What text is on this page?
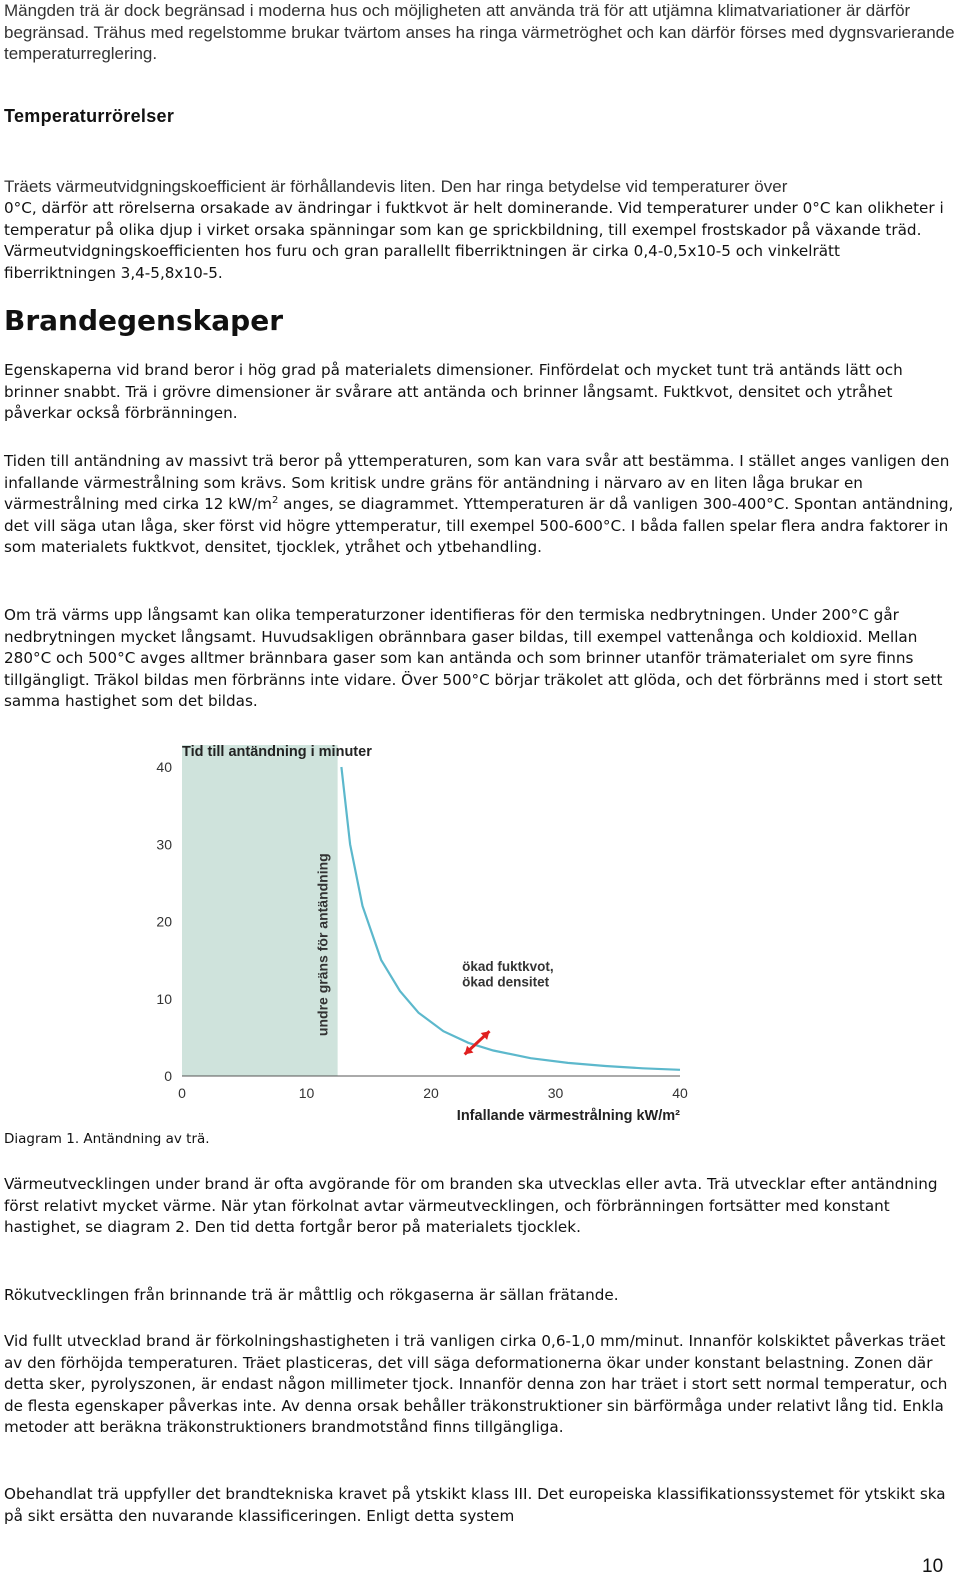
Mängden trä är dock begränsad i moderna hus och möjligheten att använda trä för att utjämna klimatvariationer är därför begränsad. Trähus med regelstomme brukar tvärtom anses ha ringa värmetröghet och kan därför förses med dygnsvarierande temperaturreglering.

Temperaturrörelser

Träets värmeutvidgningskoefficient är förhållandevis liten. Den har ringa betydelse vid temperaturer över

0°C, därför att rörelserna orsakade av ändringar i fuktkvot är helt dominerande. Vid temperaturer under 0°C kan olikheter i temperatur på olika djup i virket orsaka spänningar som kan ge sprickbildning, till exempel frostskador på växande träd. Värmeutvidgningskoefficienten hos furu och gran parallellt fiberriktningen är cirka 0,4-0,5x10-5 och vinkelrätt fiberriktningen 3,4-5,8x10-5.

Brandegenskaper

Egenskaperna vid brand beror i hög grad på materialets dimensioner. Finfördelat och mycket tunt trä antänds lätt och brinner snabbt. Trä i grövre dimensioner är svårare att antända och brinner långsamt. Fuktkvot, densitet och ytråhet påverkar också förbränningen.

Tiden till antändning av massivt trä beror på yttemperaturen, som kan vara svår att bestämma. I stället anges vanligen den infallande värmestrålning som krävs. Som kritisk undre gräns för antändning i närvaro av en liten låga brukar en värmestrålning med cirka 12 $kW/m^2$ anges, se diagrammet. Yttemperaturen är då vanligen 300-400°C. Spontan antändning, det vill säga utan låga, sker först vid högre yttemperatur, till exempel 500-600°C. I båda fallen spelar flera andra faktorer in som materialets fuktkvot, densitet, tjocklek, ytråhet och ytbehandling.

Om trä värms upp långsamt kan olika temperaturzoner identifieras för den termiska nedbrytningen. Under 200°C går nedbrytningen mycket långsamt. Huvudsakligen obrännbara gaser bildas, till exempel vattenånga och koldioxid. Mellan 280°C och 500°C avges alltmer brännbara gaser som kan antända och som brinner utanför trämaterialet om syre finns tillgängligt. Träkol bildas men förbränns inte vidare. Över 500°C börjar träkolet att glöda, och det förbränns med i stort sett samma hastighet som det bildas.

undre gräns för antändning
0
10
20
30
40
0	10	20	30	40
Tid till antändning i minuter
Infallande värmestrålning kW/m²
ökad fuktkvot,
ökad densitet

Diagram 1. Antändning av trä.

Värmeutvecklingen under brand är ofta avgörande för om branden ska utvecklas eller avta. Trä utvecklar efter antändning först relativt mycket värme. När ytan förkolnat avtar värmeutvecklingen, och förbränningen fortsätter med konstant hastighet, se diagram 2. Den tid detta fortgår beror på materialets tjocklek.

Rökutvecklingen från brinnande trä är måttlig och rökgaserna är sällan frätande.

Vid fullt utvecklad brand är förkolningshastigheten i trä vanligen cirka 0,6-1,0 mm/minut. Innanför kolskiktet påverkas träet av den förhöjda temperaturen. Träet plasticeras, det vill säga deformationerna ökar under konstant belastning. Zonen där detta sker, pyrolyszonen, är endast någon millimeter tjock. Innanför denna zon har träet i stort sett normal temperatur, och de flesta egenskaper påverkas inte. Av denna orsak behåller träkonstruktioner sin bärförmåga under relativt lång tid. Enkla metoder att beräkna träkonstruktioners brandmotstånd finns tillgängliga.

Obehandlat trä uppfyller det brandtekniska kravet på ytskikt klass III. Det europeiska klassifikationssystemet för ytskikt ska på sikt ersätta den nuvarande klassificeringen. Enligt detta system

10
